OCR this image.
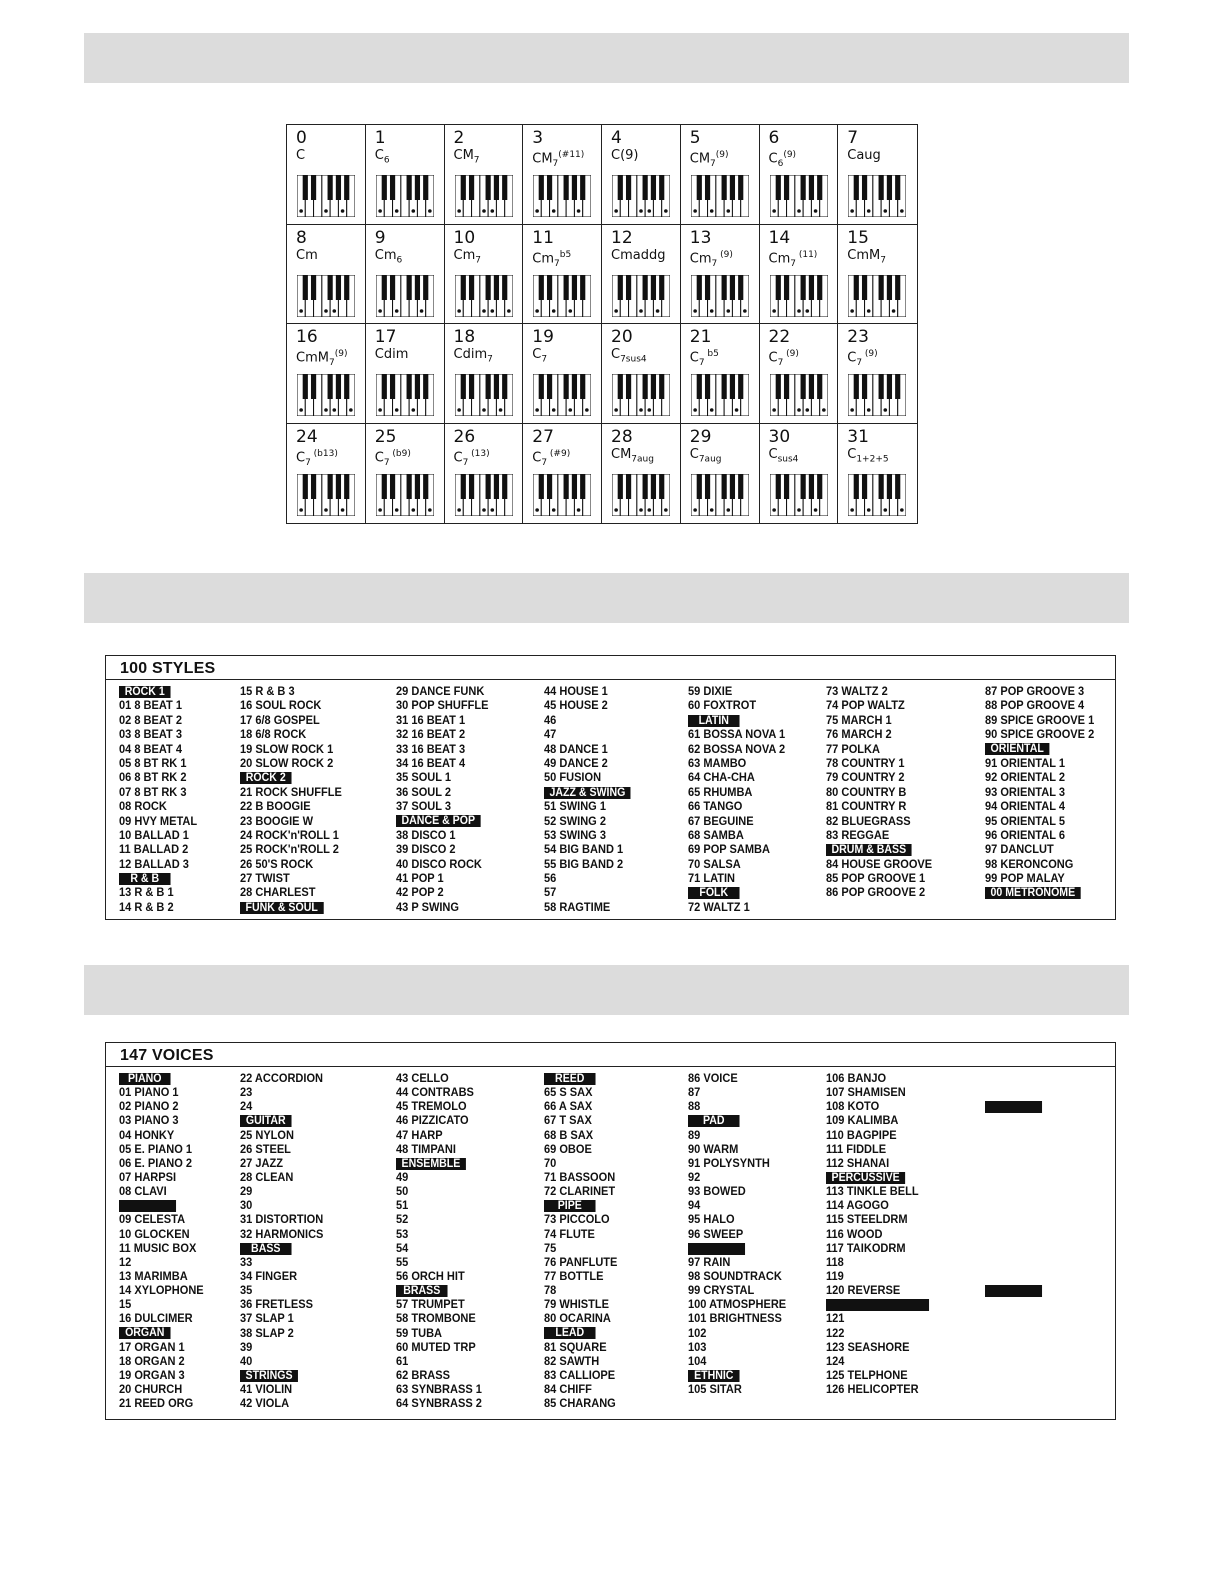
0
C
1
$C_6$
2
$CM_7$
3
$CM_7^{(\#11)}$
4
C(9)
5
$CM_7^{(9)}$
6
$C_6^{(9)}$
7
Caug
8
Cm
9
$Cm_6$
10
$Cm_7$
11
$Cm_7^{b5}$
12
Cmaddg
13
$Cm_7$ $^{(9)}$
14
$Cm_7$ $^{(11)}$
15
CmM$_7$
16
CmM$_7^{(9)}$
17
Cdim
18
Cdim$_7$
19
$C_7$
20
$C_{7sus4}$
21
$C_7$ $^{b5}$
22
$C_7$ $^{(9)}$
23
$C_7$ $^{(9)}$
24
$C_7$ $^{(b13)}$
25
$C_7$ $^{(b9)}$
26
$C_7$ $^{(13)}$
27
$C_7$ $^{(\#9)}$
28
$CM_{7aug}$
29
$C_{7aug}$
30
$C_{sus4}$
31
$C_{1+2+5}$
100 STYLES
ROCK 1
01 8 BEAT 1
02 8 BEAT 2
03 8 BEAT 3
04 8 BEAT 4
05 8 BT RK 1
06 8 BT RK 2
07 8 BT RK 3
08 ROCK
09 HVY METAL
10 BALLAD 1
11 BALLAD 2
12 BALLAD 3
R & B
13 R & B 1
14 R & B 2
15 R & B 3
16 SOUL ROCK
17 6/8 GOSPEL
18 6/8 ROCK
19 SLOW ROCK 1
20 SLOW ROCK 2
ROCK 2
21 ROCK SHUFFLE
22 B BOOGIE
23 BOOGIE W
24 ROCK'n'ROLL 1
25 ROCK'n'ROLL 2
26 50'S ROCK
27 TWIST
28 CHARLEST
FUNK & SOUL
29 DANCE FUNK
30 POP SHUFFLE
31 16 BEAT 1
32 16 BEAT 2
33 16 BEAT 3
34 16 BEAT 4
35 SOUL 1
36 SOUL 2
37 SOUL 3
DANCE & POP
38 DISCO 1
39 DISCO 2
40 DISCO ROCK
41 POP 1
42 POP 2
43 P SWING
44 HOUSE 1
45 HOUSE 2
46
47
48 DANCE 1
49 DANCE 2
50 FUSION
JAZZ & SWING
51 SWING 1
52 SWING 2
53 SWING 3
54 BIG BAND 1
55 BIG BAND 2
56
57
58 RAGTIME
59 DIXIE
60 FOXTROT
LATIN
61 BOSSA NOVA 1
62 BOSSA NOVA 2
63 MAMBO
64 CHA-CHA
65 RHUMBA
66 TANGO
67 BEGUINE
68 SAMBA
69 POP SAMBA
70 SALSA
71 LATIN
FOLK
72 WALTZ 1
73 WALTZ 2
74 POP WALTZ
75 MARCH 1
76 MARCH 2
77 POLKA
78 COUNTRY 1
79 COUNTRY 2
80 COUNTRY B
81 COUNTRY R
82 BLUEGRASS
83 REGGAE
DRUM & BASS
84 HOUSE GROOVE
85 POP GROOVE 1
86 POP GROOVE 2
87 POP GROOVE 3
88 POP GROOVE 4
89 SPICE GROOVE 1
90 SPICE GROOVE 2
ORIENTAL
91 ORIENTAL 1
92 ORIENTAL 2
93 ORIENTAL 3
94 ORIENTAL 4
95 ORIENTAL 5
96 ORIENTAL 6
97 DANCLUT
98 KERONCONG
99 POP MALAY
00 METRONOME
147 VOICES
PIANO
01 PIANO 1
02 PIANO 2
03 PIANO 3
04 HONKY
05 E. PIANO 1
06 E. PIANO 2
07 HARPSI
08 CLAVI
09 CELESTA
10 GLOCKEN
11 MUSIC BOX
12
13 MARIMBA
14 XYLOPHONE
15
16 DULCIMER
ORGAN
17 ORGAN 1
18 ORGAN 2
19 ORGAN 3
20 CHURCH
21 REED ORG
22 ACCORDION
23
24
GUITAR
25 NYLON
26 STEEL
27 JAZZ
28 CLEAN
29
30
31 DISTORTION
32 HARMONICS
BASS
33
34 FINGER
35
36 FRETLESS
37 SLAP 1
38 SLAP 2
39
40
STRINGS
41 VIOLIN
42 VIOLA
43 CELLO
44 CONTRABS
45 TREMOLO
46 PIZZICATO
47 HARP
48 TIMPANI
ENSEMBLE
49
50
51
52
53
54
55
56 ORCH HIT
BRASS
57 TRUMPET
58 TROMBONE
59 TUBA
60 MUTED TRP
61
62 BRASS
63 SYNBRASS 1
64 SYNBRASS 2
REED
65 S SAX
66 A SAX
67 T SAX
68 B SAX
69 OBOE
70
71 BASSOON
72 CLARINET
PIPE
73 PICCOLO
74 FLUTE
75
76 PANFLUTE
77 BOTTLE
78
79 WHISTLE
80 OCARINA
LEAD
81 SQUARE
82 SAWTH
83 CALLIOPE
84 CHIFF
85 CHARANG
86 VOICE
87
88
PAD
89
90 WARM
91 POLYSYNTH
92
93 BOWED
94
95 HALO
96 SWEEP
97 RAIN
98 SOUNDTRACK
99 CRYSTAL
100 ATMOSPHERE
101 BRIGHTNESS
102
103
104
ETHNIC
105 SITAR
106 BANJO
107 SHAMISEN
108 KOTO
109 KALIMBA
110 BAGPIPE
111 FIDDLE
112 SHANAI
PERCUSSIVE
113 TINKLE BELL
114 AGOGO
115 STEELDRM
116 WOOD
117 TAIKODRM
118
119
120 REVERSE
121
122
123 SEASHORE
124
125 TELPHONE
126 HELICOPTER
